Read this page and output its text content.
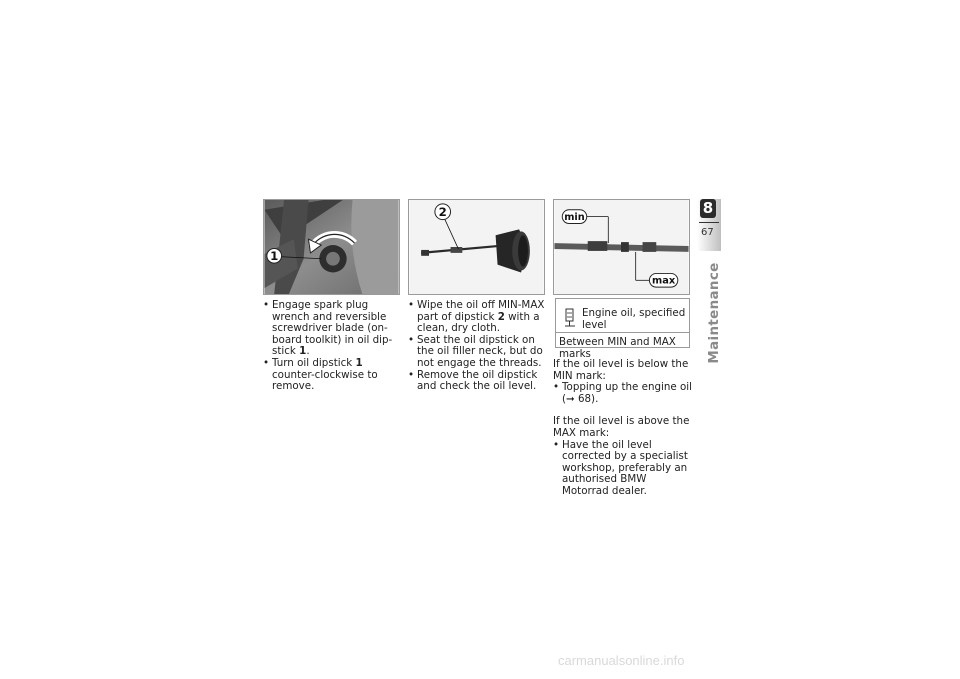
1
2	min
max
• Engage spark plug wrench and reversible screwdriver blade (on-board toolkit) in oil dip-stick 1.
• Turn oil dipstick 1 counter-clockwise to remove.
• Wipe the oil off MIN-MAX part of dipstick 2 with a clean, dry cloth.
• Seat the oil dipstick on the oil filler neck, but do not engage the threads.
• Remove the oil dipstick and check the oil level.
Engine oil, specified level
Between MIN and MAX marks

If the oil level is below the MIN mark:

• Topping up the engine oil
(➞ 68).

If the oil level is above the MAX mark:

• Have the oil level corrected by a specialist workshop, preferably an authorised BMW Motorrad dealer.
8
67
Maintenance
carmanualsonline.info
